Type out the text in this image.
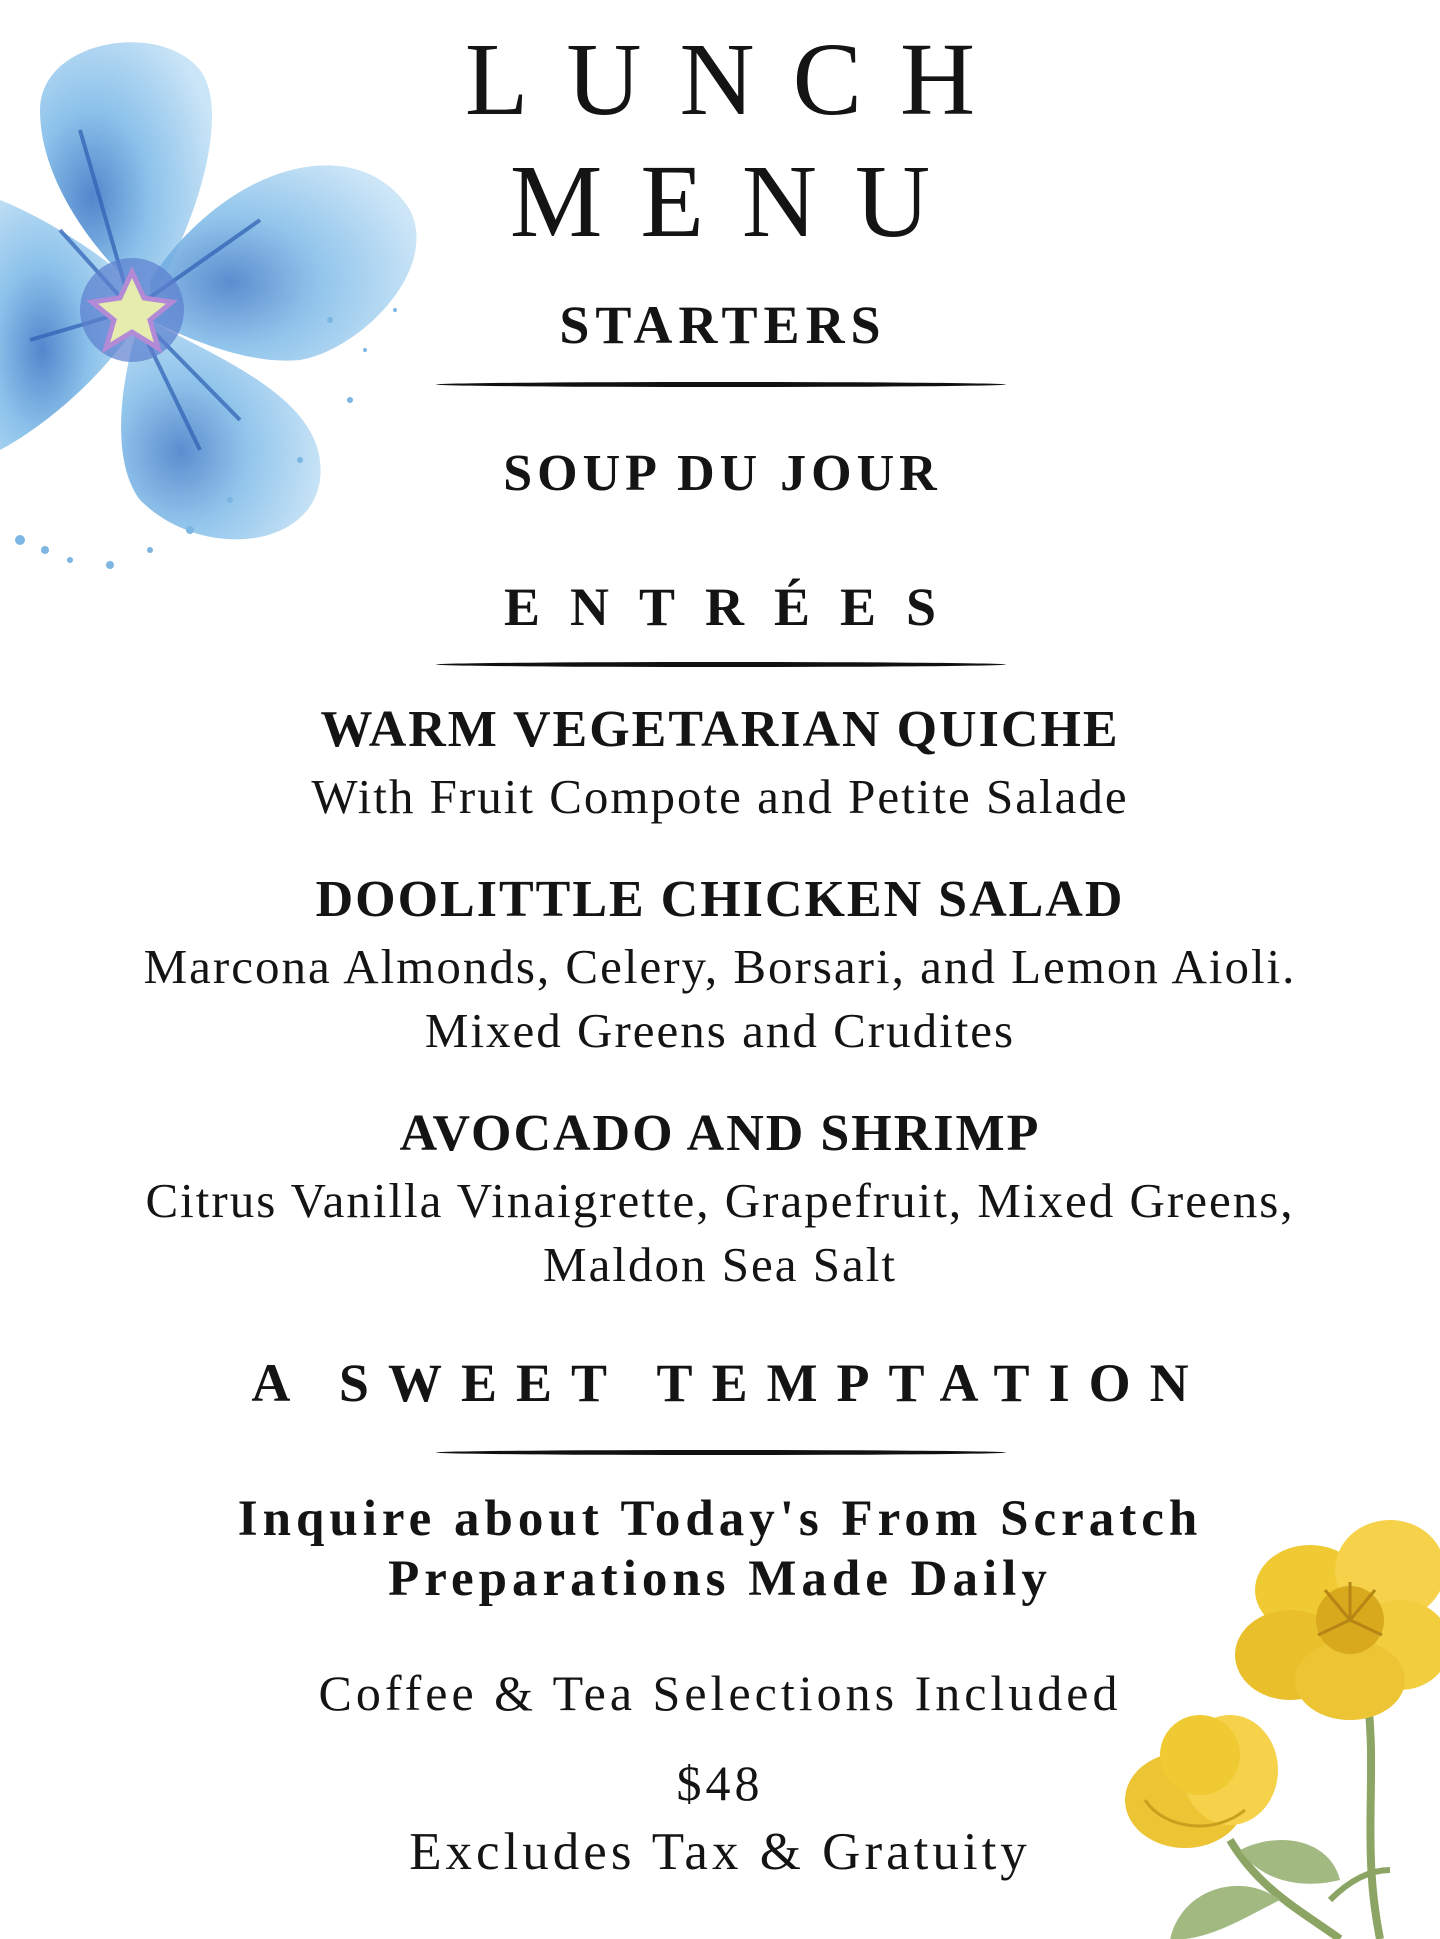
LUNCH
MENU
STARTERS
SOUP DU JOUR
ENTRÉES
WARM VEGETARIAN QUICHE
With Fruit Compote and Petite Salade
DOOLITTLE CHICKEN SALAD
Marcona Almonds, Celery, Borsari, and Lemon Aioli.
Mixed Greens and Crudites
AVOCADO AND SHRIMP
Citrus Vanilla Vinaigrette, Grapefruit, Mixed Greens,
Maldon Sea Salt
A SWEET TEMPTATION
Inquire about Today's From Scratch
Preparations Made Daily
Coffee & Tea Selections Included
$48
Excludes Tax & Gratuity
